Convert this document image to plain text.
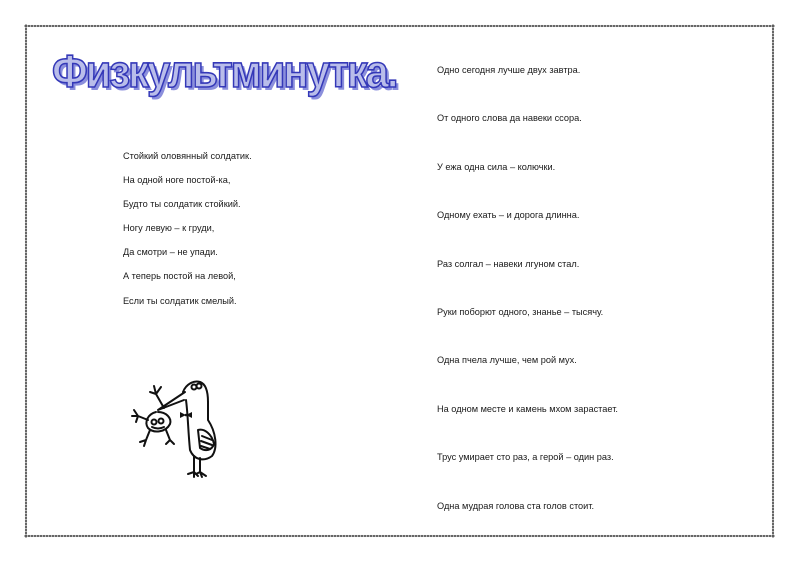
Физкультминутка.
Стойкий оловянный солдатик.
На одной ноге постой-ка,
Будто ты солдатик стойкий.
Ногу левую – к груди,
Да смотри – не упади.
А теперь постой на левой,
Если ты солдатик смелый.
Одно сегодня лучше двух завтра.
От одного слова да навеки ссора.
У ежа одна сила – колючки.
Одному ехать – и дорога длинна.
Раз солгал – навеки лгуном стал.
Руки поборют одного, знанье – тысячу.
Одна пчела лучше, чем рой мух.
На одном месте и камень мхом зарастает.
Трус умирает сто раз, а герой – один раз.
Одна мудрая голова ста голов стоит.
